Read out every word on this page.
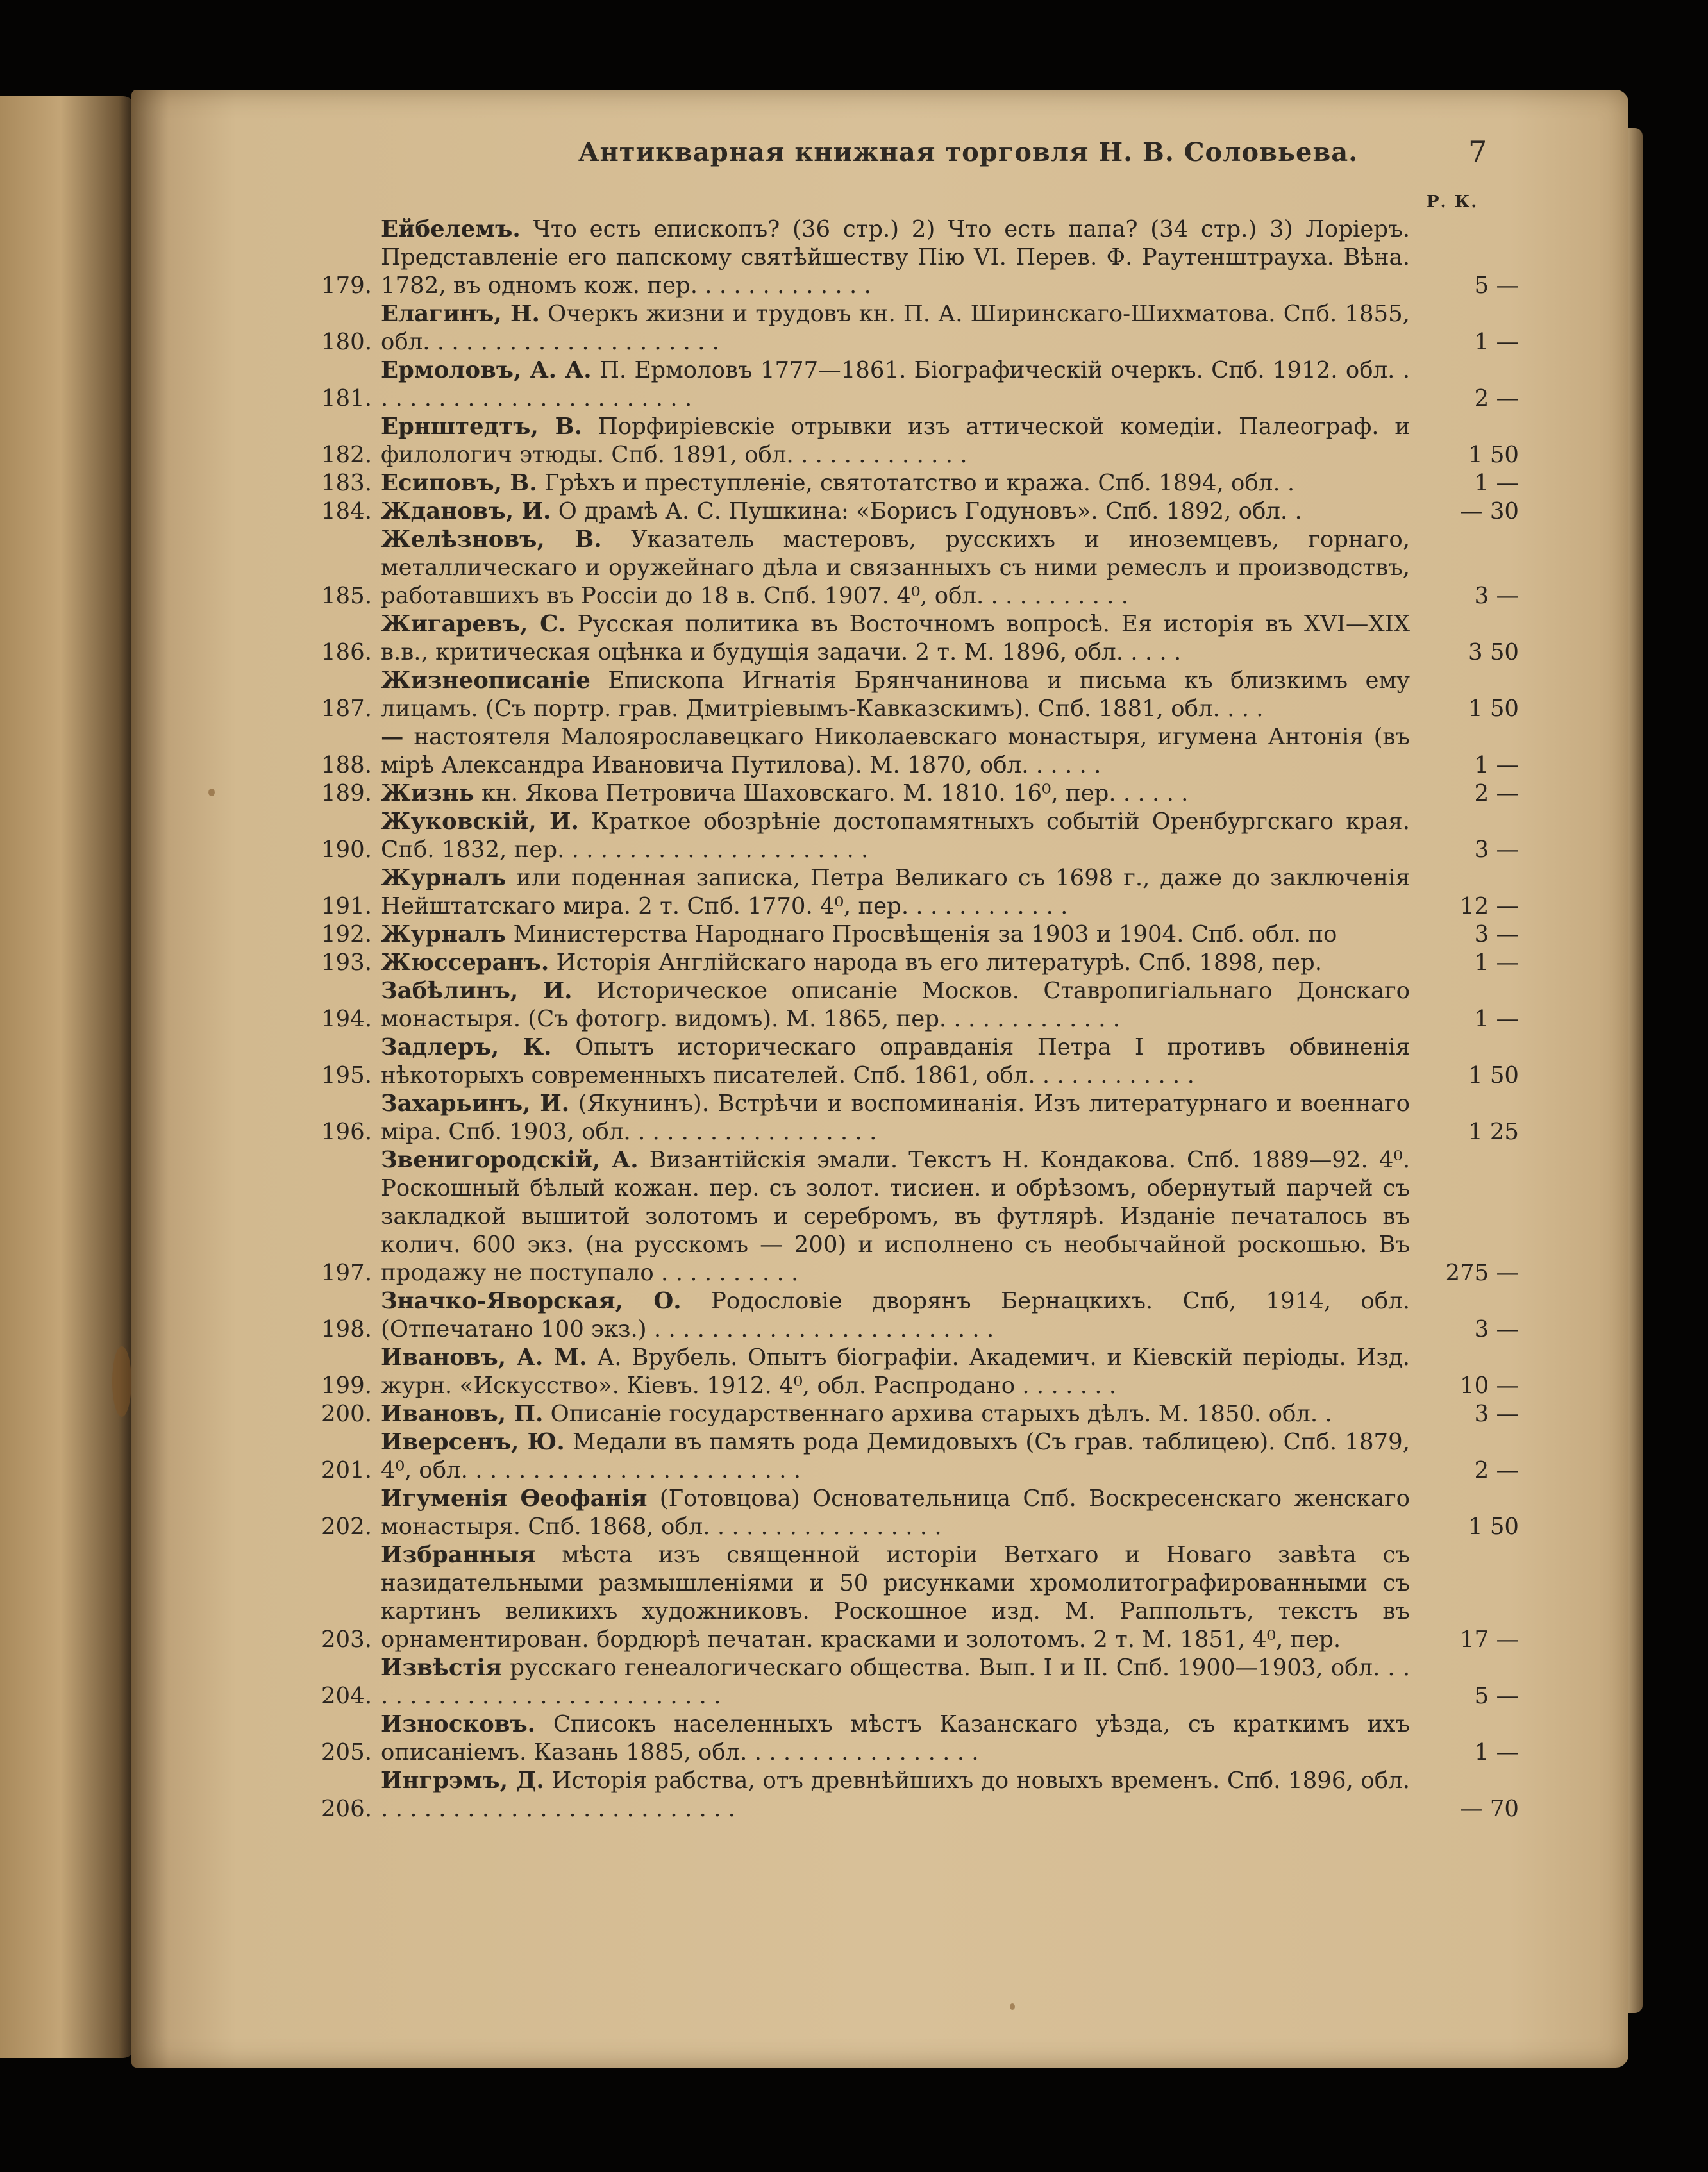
Антикварная книжная торговля Н. В. Соловьева.	7
Р. К.
179.
Ейбелемъ. Что есть епископъ? (36 стр.) 2) Что есть папа? (34 стр.) 3) Лоріеръ. Представленіе его папскому святѣйшеству Пію VI. Перев. Ф. Раутенштрауха. Вѣна. 1782, въ одномъ кож. пер. . . . . . . . . . . . .	5 —
180.
Елагинъ, Н. Очеркъ жизни и трудовъ кн. П. А. Ширинскаго-Шихматова. Спб. 1855, обл. . . . . . . . . . . . . . . . . . . . .	1 —
181.
Ермоловъ, А. А. П. Ермоловъ 1777—1861. Біографическій очеркъ. Спб. 1912. обл. . . . . . . . . . . . . . . . . . . . . . . .	2 —
182.
Ернштедтъ, В. Порфиріевскіе отрывки изъ аттической комедіи. Палеограф. и филологич этюды. Спб. 1891, обл. . . . . . . . . . . . .	1 50
183. Есиповъ, В. Грѣхъ и преступленіе, святотатство и кража. Спб. 1894, обл. .	1 —
184. Ждановъ, И. О драмѣ А. С. Пушкина: «Борисъ Годуновъ». Спб. 1892, обл. .	— 30
185.
Желѣзновъ, В. Указатель мастеровъ, русскихъ и иноземцевъ, горнаго, металлическаго и оружейнаго дѣла и связанныхъ съ ними ремеслъ и производствъ, работавшихъ въ Россіи до 18 в. Спб. 1907. 4⁰, обл. . . . . . . . . . .	3 —
186.
Жигаревъ, С. Русская политика въ Восточномъ вопросѣ. Ея исторія въ XVI—XIX в.в., критическая оцѣнка и будущія задачи. 2 т. М. 1896, обл. . . . .	3 50
187.
Жизнеописаніе Епископа Игнатія Брянчанинова и письма къ близкимъ ему лицамъ. (Съ портр. грав. Дмитріевымъ-Кавказскимъ). Спб. 1881, обл. . . .	1 50
188.
— настоятеля Малоярославецкаго Николаевскаго монастыря, игумена Антонія (въ мірѣ Александра Ивановича Путилова). М. 1870, обл. . . . . .	1 —
189. Жизнь кн. Якова Петровича Шаховскаго. М. 1810. 16⁰, пер. . . . . .	2 —
190.
Жуковскій, И. Краткое обозрѣніе достопамятныхъ событій Оренбургскаго края. Спб. 1832, пер. . . . . . . . . . . . . . . . . . . . . .	3 —
191.
Журналъ или поденная записка, Петра Великаго съ 1698 г., даже до заключенія Нейштатскаго мира. 2 т. Спб. 1770. 4⁰, пер. . . . . . . . . . . .	12 —
192. Журналъ Министерства Народнаго Просвѣщенія за 1903 и 1904. Спб. обл. по	3 —
193. Жюссеранъ. Исторія Англійскаго народа въ его литературѣ. Спб. 1898, пер.	1 —
194.
Забѣлинъ, И. Историческое описаніе Москов. Ставропигіальнаго Донскаго монастыря. (Съ фотогр. видомъ). М. 1865, пер. . . . . . . . . . . . .	1 —
195.
Задлеръ, К. Опытъ историческаго оправданія Петра I противъ обвиненія нѣкоторыхъ современныхъ писателей. Спб. 1861, обл. . . . . . . . . . . .	1 50
196.
Захарьинъ, И. (Якунинъ). Встрѣчи и воспоминанія. Изъ литературнаго и военнаго міра. Спб. 1903, обл. . . . . . . . . . . . . . . . . .	1 25
197.
Звенигородскій, А. Византійскія эмали. Текстъ Н. Кондакова. Спб. 1889—92. 4⁰. Роскошный бѣлый кожан. пер. съ золот. тисиен. и обрѣзомъ, обернутый парчей съ закладкой вышитой золотомъ и серебромъ, въ футлярѣ. Изданіе печаталось въ колич. 600 экз. (на русскомъ — 200) и исполнено съ необычайной роскошью. Въ продажу не поступало . . . . . . . . . .	275 —
198.
Значко-Яворская, О. Родословіе дворянъ Бернацкихъ. Спб, 1914, обл. (Отпечатано 100 экз.) . . . . . . . . . . . . . . . . . . . . . . . .	3 —
199.
Ивановъ, А. М. А. Врубель. Опытъ біографіи. Академич. и Кіевскій періоды. Изд. журн. «Искусство». Кіевъ. 1912. 4⁰, обл. Распродано . . . . . . .	10 —
200. Ивановъ, П. Описаніе государственнаго архива старыхъ дѣлъ. М. 1850. обл. .	3 —
201.
Иверсенъ, Ю. Медали въ память рода Демидовыхъ (Съ грав. таблицею). Спб. 1879, 4⁰, обл. . . . . . . . . . . . . . . . . . . . . . . .	2 —
202.
Игуменія Ѳеофанія (Готовцова) Основательница Спб. Воскресенскаго женскаго монастыря. Спб. 1868, обл. . . . . . . . . . . . . . . . .	1 50
203.
Избранныя мѣста изъ священной исторіи Ветхаго и Новаго завѣта съ назидательными размышленіями и 50 рисунками хромолитографированными съ картинъ великихъ художниковъ. Роскошное изд. М. Раппольтъ, текстъ въ орнаментирован. бордюрѣ печатан. красками и золотомъ. 2 т. М. 1851, 4⁰, пер.	17 —
204.
Извѣстія русскаго генеалогическаго общества. Вып. I и II. Спб. 1900—1903, обл. . . . . . . . . . . . . . . . . . . . . . . . . . .	5 —
205.
Износковъ. Списокъ населенныхъ мѣстъ Казанскаго уѣзда, съ краткимъ ихъ описаніемъ. Казань 1885, обл. . . . . . . . . . . . . . . . .	1 —
206.
Ингрэмъ, Д. Исторія рабства, отъ древнѣйшихъ до новыхъ временъ. Спб. 1896, обл. . . . . . . . . . . . . . . . . . . . . . . . . .	— 70
